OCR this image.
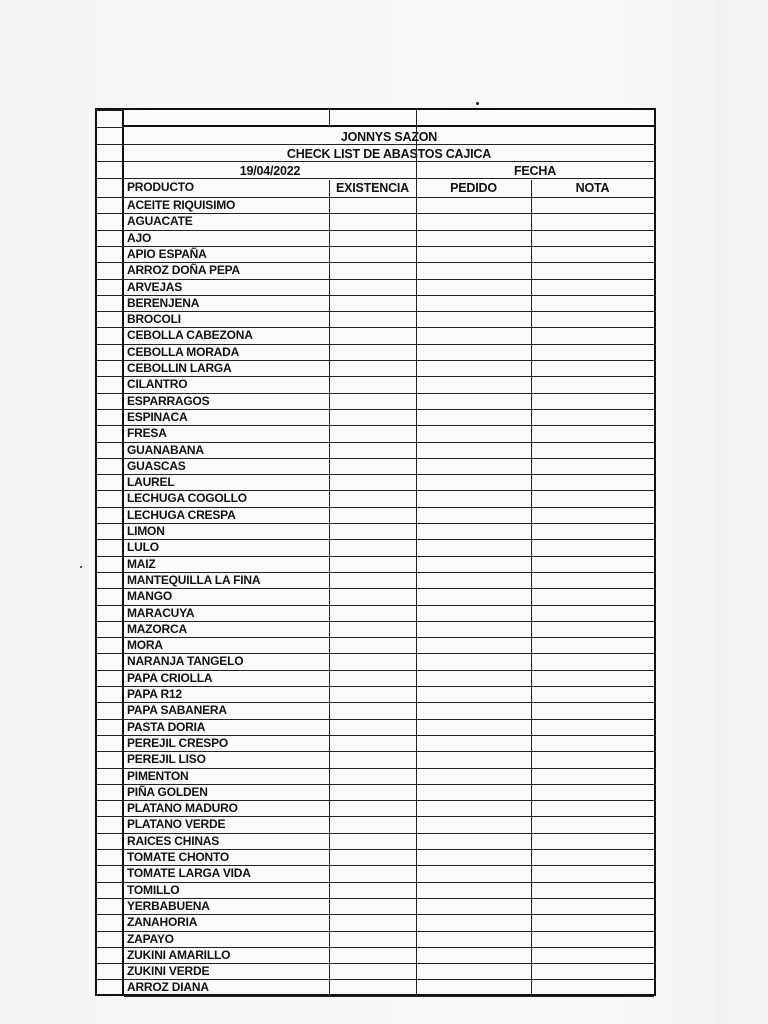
JONNYS SAZON
CHECK LIST DE ABASTOS CAJICA
19/04/2022	FECHA
PRODUCTO	EXISTENCIA	PEDIDO	NOTA
ACEITE RIQUISIMO
AGUACATE
AJO
APIO ESPAÑA
ARROZ DOÑA PEPA
ARVEJAS
BERENJENA
BROCOLI
CEBOLLA CABEZONA
CEBOLLA MORADA
CEBOLLIN LARGA
CILANTRO
ESPARRAGOS
ESPINACA
FRESA
GUANABANA
GUASCAS
LAUREL
LECHUGA COGOLLO
LECHUGA CRESPA
LIMON
LULO
MAIZ
MANTEQUILLA LA FINA
MANGO
MARACUYA
MAZORCA
MORA
NARANJA TANGELO
PAPA CRIOLLA
PAPA R12
PAPA SABANERA
PASTA DORIA
PEREJIL CRESPO
PEREJIL LISO
PIMENTON
PIÑA GOLDEN
PLATANO MADURO
PLATANO VERDE
RAICES CHINAS
TOMATE CHONTO
TOMATE LARGA VIDA
TOMILLO
YERBABUENA
ZANAHORIA
ZAPAYO
ZUKINI AMARILLO
ZUKINI VERDE
ARROZ DIANA
